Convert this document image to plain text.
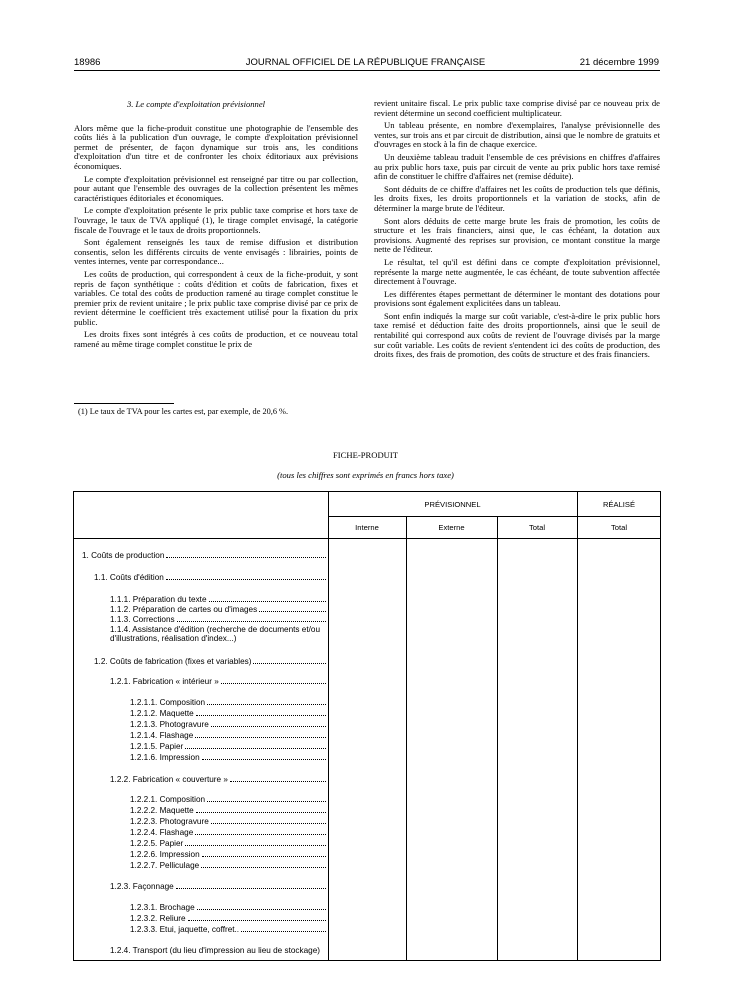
18986	JOURNAL OFFICIEL DE LA RÉPUBLIQUE FRANÇAISE	21 décembre 1999

3. Le compte d'exploitation prévisionnel

Alors même que la fiche-produit constitue une photographie de l'ensemble des coûts liés à la publication d'un ouvrage, le compte d'exploitation prévisionnel permet de présenter, de façon dynamique sur trois ans, les conditions d'exploitation d'un titre et de confronter les choix éditoriaux aux prévisions économiques.

Le compte d'exploitation prévisionnel est renseigné par titre ou par collection, pour autant que l'ensemble des ouvrages de la collection présentent les mêmes caractéristiques éditoriales et économiques.

Le compte d'exploitation présente le prix public taxe comprise et hors taxe de l'ouvrage, le taux de TVA appliqué (1), le tirage complet envisagé, la catégorie fiscale de l'ouvrage et le taux de droits proportionnels.

Sont également renseignés les taux de remise diffusion et distribution consentis, selon les différents circuits de vente envisagés : librairies, points de ventes internes, vente par correspondance...

Les coûts de production, qui correspondent à ceux de la fiche-produit, y sont repris de façon synthétique : coûts d'édition et coûts de fabrication, fixes et variables. Ce total des coûts de production ramené au tirage complet constitue le premier prix de revient unitaire ; le prix public taxe comprise divisé par ce prix de revient détermine le coefficient très exactement utilisé pour la fixation du prix public.

Les droits fixes sont intégrés à ces coûts de production, et ce nouveau total ramené au même tirage complet constitue le prix de

(1) Le taux de TVA pour les cartes est, par exemple, de 20,6 %.

revient unitaire fiscal. Le prix public taxe comprise divisé par ce nouveau prix de revient détermine un second coefficient multiplicateur.

Un tableau présente, en nombre d'exemplaires, l'analyse prévisionnelle des ventes, sur trois ans et par circuit de distribution, ainsi que le nombre de gratuits et d'ouvrages en stock à la fin de chaque exercice.

Un deuxième tableau traduit l'ensemble de ces prévisions en chiffres d'affaires au prix public hors taxe, puis par circuit de vente au prix public hors taxe remisé afin de constituer le chiffre d'affaires net (remise déduite).

Sont déduits de ce chiffre d'affaires net les coûts de production tels que définis, les droits fixes, les droits proportionnels et la variation de stocks, afin de déterminer la marge brute de l'éditeur.

Sont alors déduits de cette marge brute les frais de promotion, les coûts de structure et les frais financiers, ainsi que, le cas échéant, la dotation aux provisions. Augmenté des reprises sur provision, ce montant constitue la marge nette de l'éditeur.

Le résultat, tel qu'il est défini dans ce compte d'exploitation prévisionnel, représente la marge nette augmentée, le cas échéant, de toute subvention affectée directement à l'ouvrage.

Les différentes étapes permettant de déterminer le montant des dotations pour provisions sont également explicitées dans un tableau.

Sont enfin indiqués la marge sur coût variable, c'est-à-dire le prix public hors taxe remisé et déduction faite des droits proportionnels, ainsi que le seuil de rentabilité qui correspond aux coûts de revient de l'ouvrage divisés par la marge sur coût variable. Les coûts de revient s'entendent ici des coûts de production, des droits fixes, des frais de promotion, des coûts de structure et des frais financiers.

FICHE-PRODUIT
(tous les chiffres sont exprimés en francs hors taxe)
PRÉVISIONNEL	RÉALISÉ
Interne	Externe	Total	Total
1. Coûts de production
1.1. Coûts d'édition
1.1.1. Préparation du texte
1.1.2. Préparation de cartes ou d'images
1.1.3. Corrections
1.1.4. Assistance d'édition (recherche de documents et/ou d'illustrations, réalisation d'index...)
1.2. Coûts de fabrication (fixes et variables)
1.2.1. Fabrication « intérieur »
1.2.1.1. Composition
1.2.1.2. Maquette
1.2.1.3. Photogravure
1.2.1.4. Flashage
1.2.1.5. Papier
1.2.1.6. Impression
1.2.2. Fabrication « couverture »
1.2.2.1. Composition
1.2.2.2. Maquette
1.2.2.3. Photogravure
1.2.2.4. Flashage
1.2.2.5. Papier
1.2.2.6. Impression
1.2.2.7. Pelliculage
1.2.3. Façonnage
1.2.3.1. Brochage
1.2.3.2. Reliure
1.2.3.3. Etui, jaquette, coffret..
1.2.4. Transport (du lieu d'impression au lieu de stockage)
